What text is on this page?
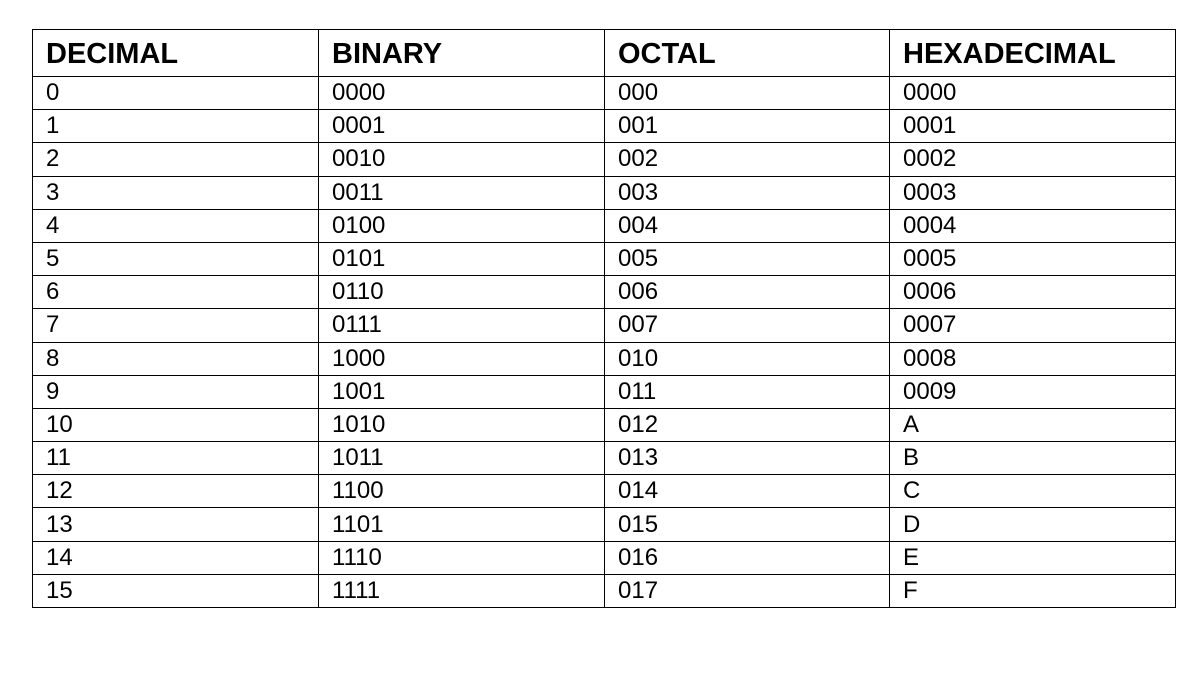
DECIMAL	BINARY	OCTAL	HEXADECIMAL
0	0000	000	0000
1	0001	001	0001
2	0010	002	0002
3	0011	003	0003
4	0100	004	0004
5	0101	005	0005
6	0110	006	0006
7	0111	007	0007
8	1000	010	0008
9	1001	011	0009
10	1010	012	A
11	1011	013	B
12	1100	014	C
13	1101	015	D
14	1110	016	E
15	1111	017	F
